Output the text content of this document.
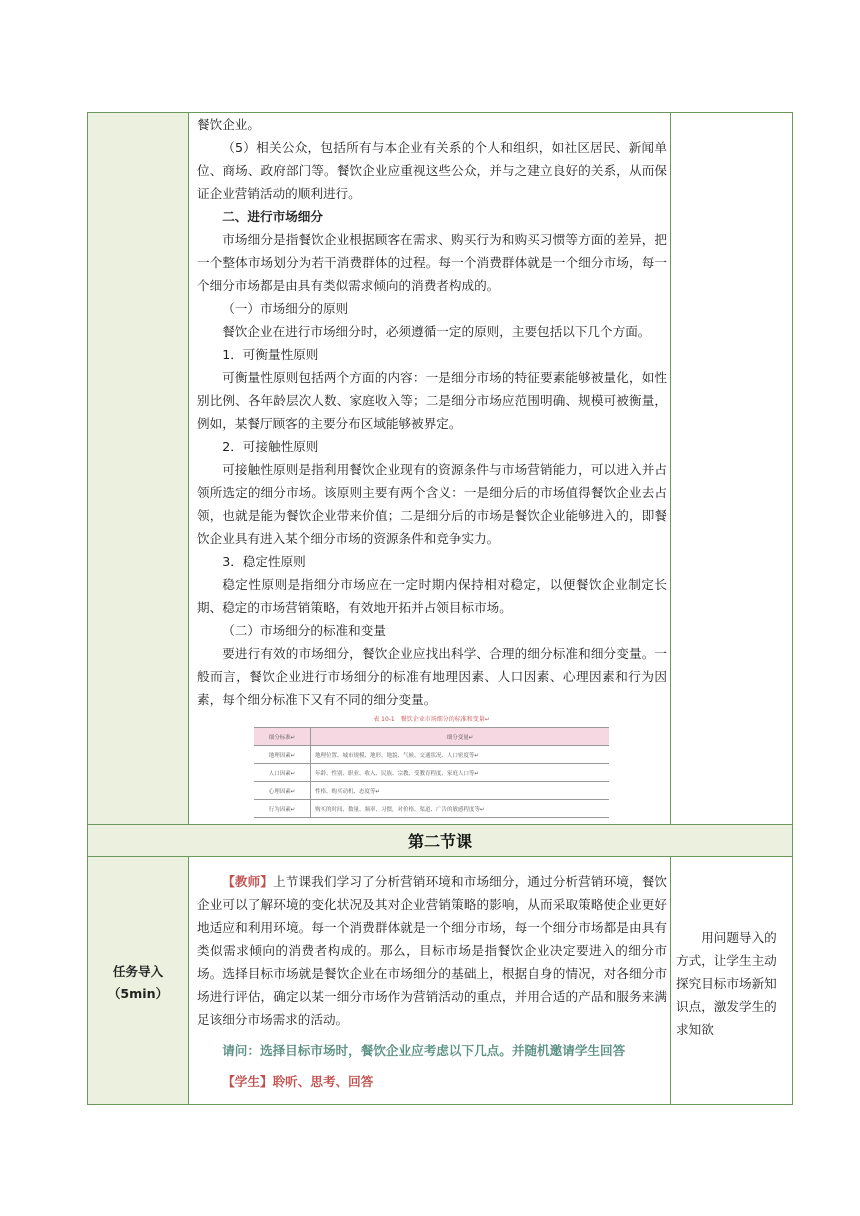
第二节课

餐饮企业。

（5）相关公众，包括所有与本企业有关系的个人和组织，如社区居民、新闻单位、商场、政府部门等。餐饮企业应重视这些公众，并与之建立良好的关系，从而保证企业营销活动的顺利进行。

二、进行市场细分

市场细分是指餐饮企业根据顾客在需求、购买行为和购买习惯等方面的差异，把一个整体市场划分为若干消费群体的过程。每一个消费群体就是一个细分市场，每一个细分市场都是由具有类似需求倾向的消费者构成的。

（一）市场细分的原则

餐饮企业在进行市场细分时，必须遵循一定的原则，主要包括以下几个方面。

1．可衡量性原则

可衡量性原则包括两个方面的内容：一是细分市场的特征要素能够被量化，如性别比例、各年龄层次人数、家庭收入等；二是细分市场应范围明确、规模可被衡量，例如，某餐厅顾客的主要分布区域能够被界定。

2．可接触性原则

可接触性原则是指利用餐饮企业现有的资源条件与市场营销能力，可以进入并占领所选定的细分市场。该原则主要有两个含义：一是细分后的市场值得餐饮企业去占领，也就是能为餐饮企业带来价值；二是细分后的市场是餐饮企业能够进入的，即餐饮企业具有进入某个细分市场的资源条件和竞争实力。

3．稳定性原则

稳定性原则是指细分市场应在一定时期内保持相对稳定，以便餐饮企业制定长期、稳定的市场营销策略，有效地开拓并占领目标市场。

（二）市场细分的标准和变量

要进行有效的市场细分，餐饮企业应找出科学、合理的细分标准和细分变量。一般而言，餐饮企业进行市场细分的标准有地理因素、人口因素、心理因素和行为因素，每个细分标准下又有不同的细分变量。

表 10-1　餐饮企业市场细分的标准和变量↵
细分标准↵	细分变量↵
地理因素↵	地理位置、城市规模、地形、地貌、气候、交通状况、人口密度等↵
人口因素↵	年龄、性别、职业、收入、民族、宗教、受教育程度、家庭人口等↵
心理因素↵	性格、购买动机、态度等↵
行为因素↵	购买的时间、数量、频率、习惯，对价格、渠道、广告的敏感程度等↵
任务导入
（5min）

【教师】上节课我们学习了分析营销环境和市场细分，通过分析营销环境，餐饮企业可以了解环境的变化状况及其对企业营销策略的影响，从而采取策略使企业更好地适应和利用环境。每一个消费群体就是一个细分市场，每一个细分市场都是由具有类似需求倾向的消费者构成的。那么，目标市场是指餐饮企业决定要进入的细分市场。选择目标市场就是餐饮企业在市场细分的基础上，根据自身的情况，对各细分市场进行评估，确定以某一细分市场作为营销活动的重点，并用合适的产品和服务来满足该细分市场需求的活动。

请问：选择目标市场时，餐饮企业应考虑以下几点。并随机邀请学生回答

【学生】聆听、思考、回答

用问题导入的方式，让学生主动探究目标市场新知识点，激发学生的求知欲
